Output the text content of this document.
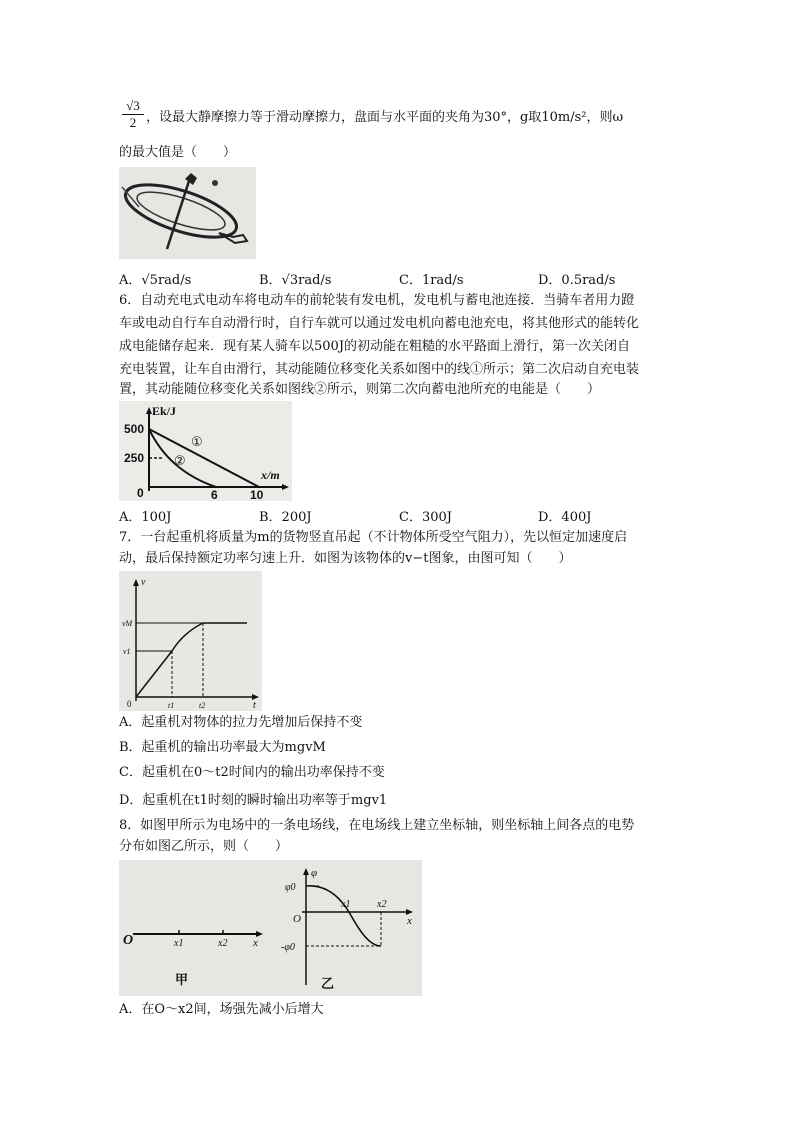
$\frac{√3}{2}$ ，设最大静摩擦力等于滑动摩擦力，盘面与水平面的夹角为30°，g取10m/s²，则ω
的最大值是（　　）
A．√5rad/s	B．√3rad/s	C．1rad/s	D．0.5rad/s
6．自动充电式电动车将电动车的前轮装有发电机，发电机与蓄电池连接．当骑车者用力蹬
车或电动自行车自动滑行时，自行车就可以通过发电机向蓄电池充电，将其他形式的能转化
成电能储存起来．现有某人骑车以500J的初动能在粗糙的水平路面上滑行，第一次关闭自
充电装置，让车自由滑行，其动能随位移变化关系如图中的线①所示；第二次启动自充电装
置，其动能随位移变化关系如图线②所示，则第二次向蓄电池所充的电能是（　　）
Ek/J
x/m
500
250
0	6	10
①
②
A．100J	B．200J	C．300J	D．400J
7．一台起重机将质量为m的货物竖直吊起（不计物体所受空气阻力），先以恒定加速度启
动，最后保持额定功率匀速上升．如图为该物体的v−t图象，由图可知（　　）
v
t
vM
v1
0	t1	t2
A．起重机对物体的拉力先增加后保持不变
B．起重机的输出功率最大为mgvM
C．起重机在0～t2时间内的输出功率保持不变
D．起重机在t1时刻的瞬时输出功率等于mgv1
8．如图甲所示为电场中的一条电场线，在电场线上建立坐标轴，则坐标轴上间各点的电势
分布如图乙所示，则（　　）
O	x1	x2 x
甲
φ
φ0
-φ0
O
x1	x2
x
乙
A．在O～x2间，场强先减小后增大
